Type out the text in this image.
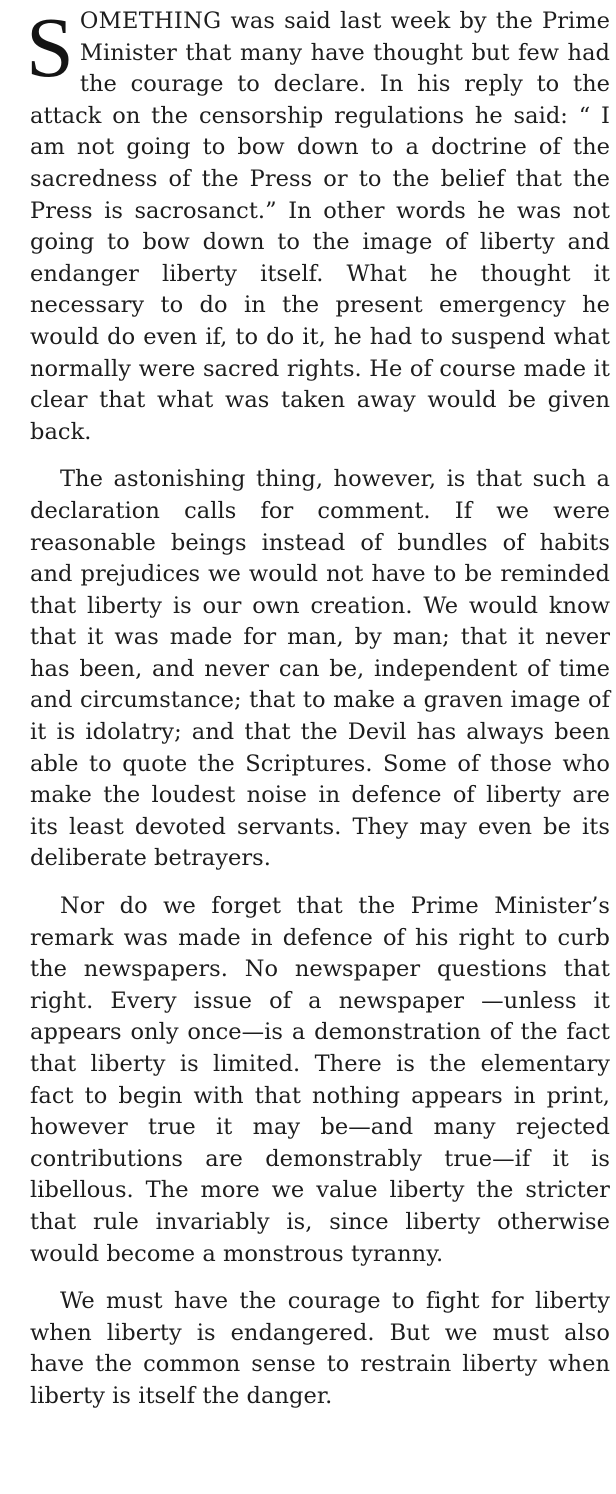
SOMETHING was said last week by the Prime Minister that many have thought but few had the courage to declare. In his reply to the attack on the censorship regulations he said: “ I am not going to bow down to a doctrine of the sacredness of the Press or to the belief that the Press is sacrosanct.” In other words he was not going to bow down to the image of liberty and endanger liberty itself. What he thought it necessary to do in the present emergency he would do even if, to do it, he had to suspend what normally were sacred rights. He of course made it clear that what was taken away would be given back.

The astonishing thing, however, is that such a declaration calls for comment. If we were reasonable beings instead of bundles of habits and prejudices we would not have to be reminded that liberty is our own creation. We would know that it was made for man, by man; that it never has been, and never can be, independent of time and circumstance; that to make a graven image of it is idolatry; and that the Devil has always been able to quote the Scriptures. Some of those who make the loudest noise in defence of liberty are its least devoted servants. They may even be its deliberate betrayers.

Nor do we forget that the Prime Minister’s remark was made in defence of his right to curb the newspapers. No newspaper questions that right. Every issue of a newspaper —unless it appears only once—is a demonstration of the fact that liberty is limited. There is the elementary fact to begin with that nothing appears in print, however true it may be—and many rejected contributions are demonstrably true—if it is libellous. The more we value liberty the stricter that rule invariably is, since liberty otherwise would become a monstrous tyranny.

We must have the courage to fight for liberty when liberty is endangered. But we must also have the common sense to restrain liberty when liberty is itself the danger.
